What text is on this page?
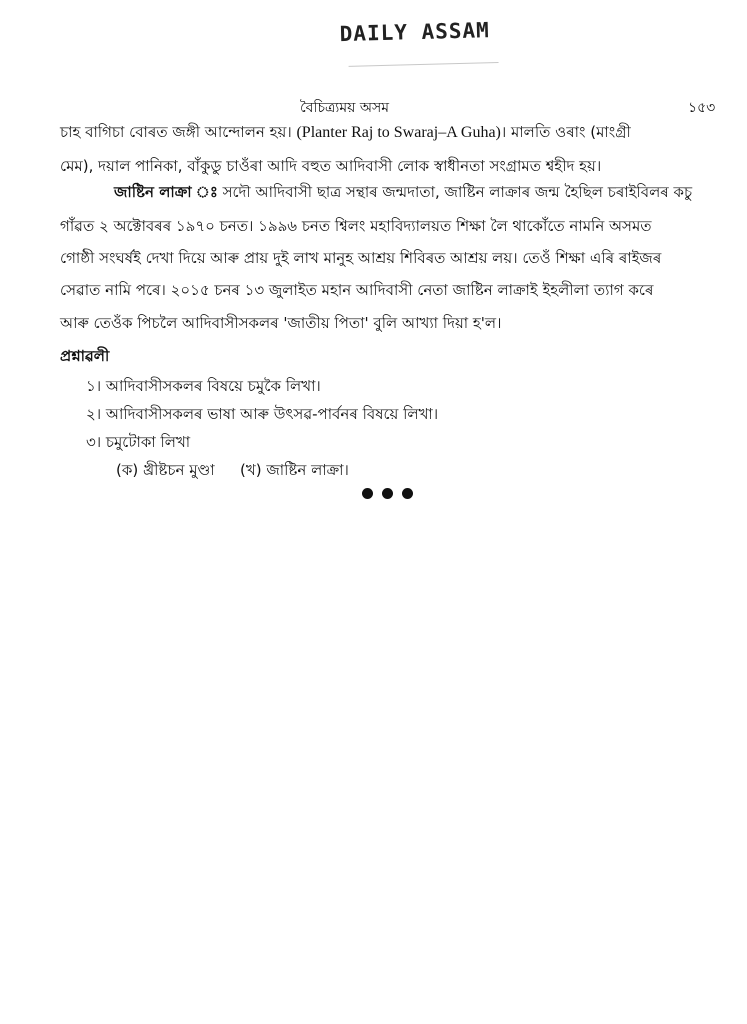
DAILY ASSAM
বৈচিত্ৰ্যময় অসম	১৫৩
চাহ বাগিচা বোৰত জঙ্গী আন্দোলন হয়। (Planter Raj to Swaraj–A Guha)। মালতি ওৰাং (মাংগ্ৰী
মেম), দয়াল পানিকা, বাঁকুডু চাওঁৰা আদি বহুত আদিবাসী লোক স্বাধীনতা সংগ্ৰামত শ্বহীদ হয়।
জাষ্টিন লাক্ৰা ঃ সদৌ আদিবাসী ছাত্ৰ সন্থাৰ জন্মদাতা, জাষ্টিন লাক্ৰাৰ জন্ম হৈছিল চৰাইবিলৰ কচু
গাঁৱত ২ অক্টোবৰৰ ১৯৭০ চনত। ১৯৯৬ চনত শ্বিলং মহাবিদ্যালয়ত শিক্ষা লৈ থাকোঁতে নামনি অসমত
গোষ্ঠী সংঘৰ্ষই দেখা দিয়ে আৰু প্ৰায় দুই লাখ মানুহ আশ্ৰয় শিবিৰত আশ্ৰয় লয়। তেওঁ শিক্ষা এৰি ৰাইজৰ
সেৱাত নামি পৰে। ২০১৫ চনৰ ১৩ জুলাইত মহান আদিবাসী নেতা জাষ্টিন লাক্ৰাই ইহলীলা ত্যাগ কৰে
আৰু তেওঁক পিচলৈ আদিবাসীসকলৰ 'জাতীয় পিতা' বুলি আখ্যা দিয়া হ'ল।
প্ৰশ্নাৱলী
১। আদিবাসীসকলৰ বিষয়ে চমুকৈ লিখা।
২। আদিবাসীসকলৰ ভাষা আৰু উৎসৱ-পাৰ্বনৰ বিষয়ে লিখা।
৩। চমুটোকা লিখা
(ক) খ্ৰীষ্টচন মুণ্ডা (খ) জাষ্টিন লাক্ৰা।
